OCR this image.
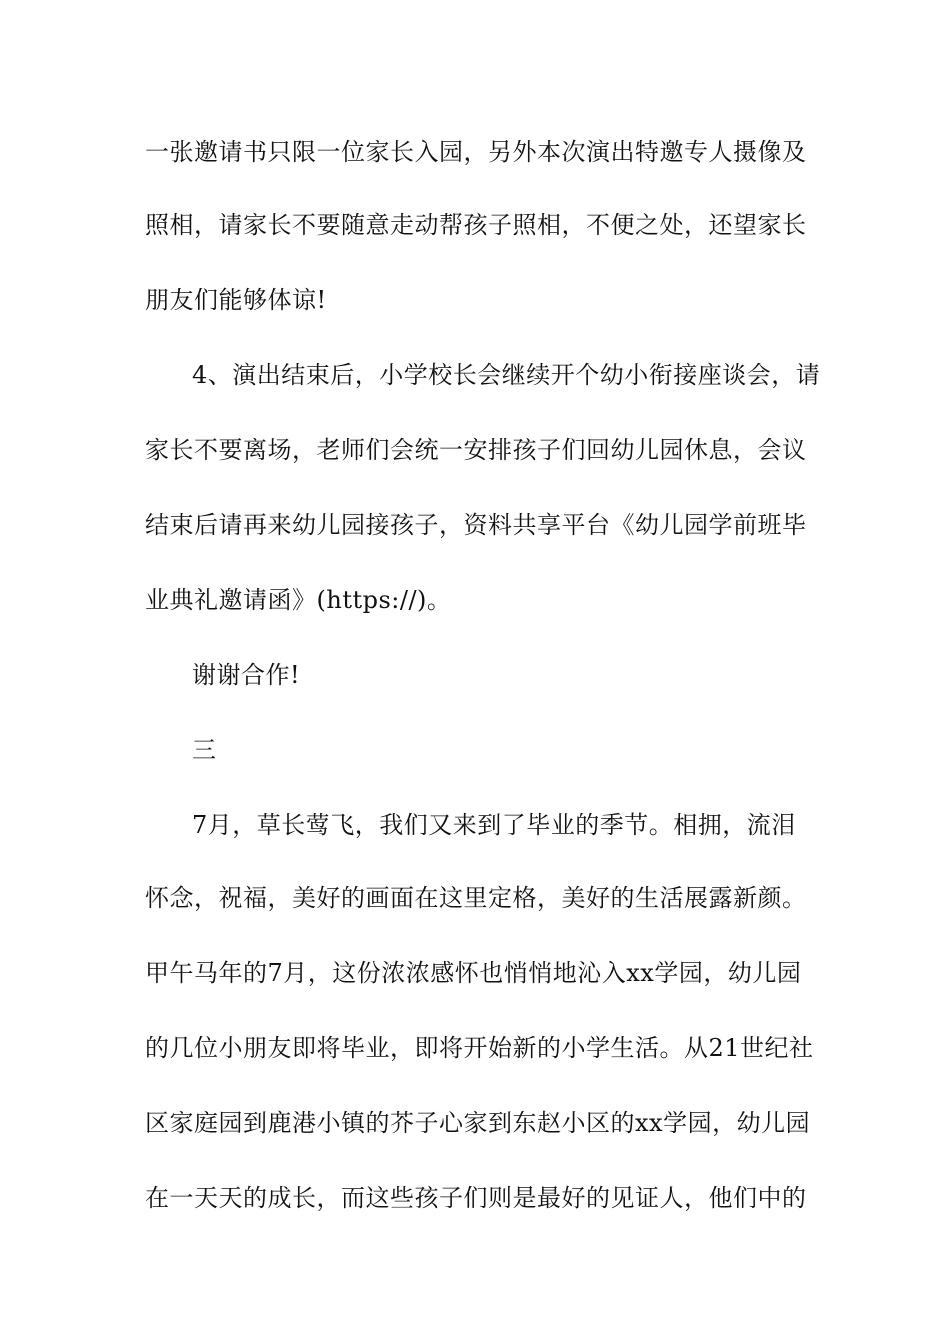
一张邀请书只限一位家长入园，另外本次演出特邀专人摄像及
照相，请家长不要随意走动帮孩子照相，不便之处，还望家长
朋友们能够体谅!
4、演出结束后，小学校长会继续开个幼小衔接座谈会，请
家长不要离场，老师们会统一安排孩子们回幼儿园休息，会议
结束后请再来幼儿园接孩子，资料共享平台《幼儿园学前班毕
业典礼邀请函》(https://)。
谢谢合作!
三
7月，草长莺飞，我们又来到了毕业的季节。相拥，流泪
怀念，祝福，美好的画面在这里定格，美好的生活展露新颜。
甲午马年的7月，这份浓浓感怀也悄悄地沁入xx学园，幼儿园
的几位小朋友即将毕业，即将开始新的小学生活。从21世纪社
区家庭园到鹿港小镇的芥子心家到东赵小区的xx学园，幼儿园
在一天天的成长，而这些孩子们则是最好的见证人，他们中的
